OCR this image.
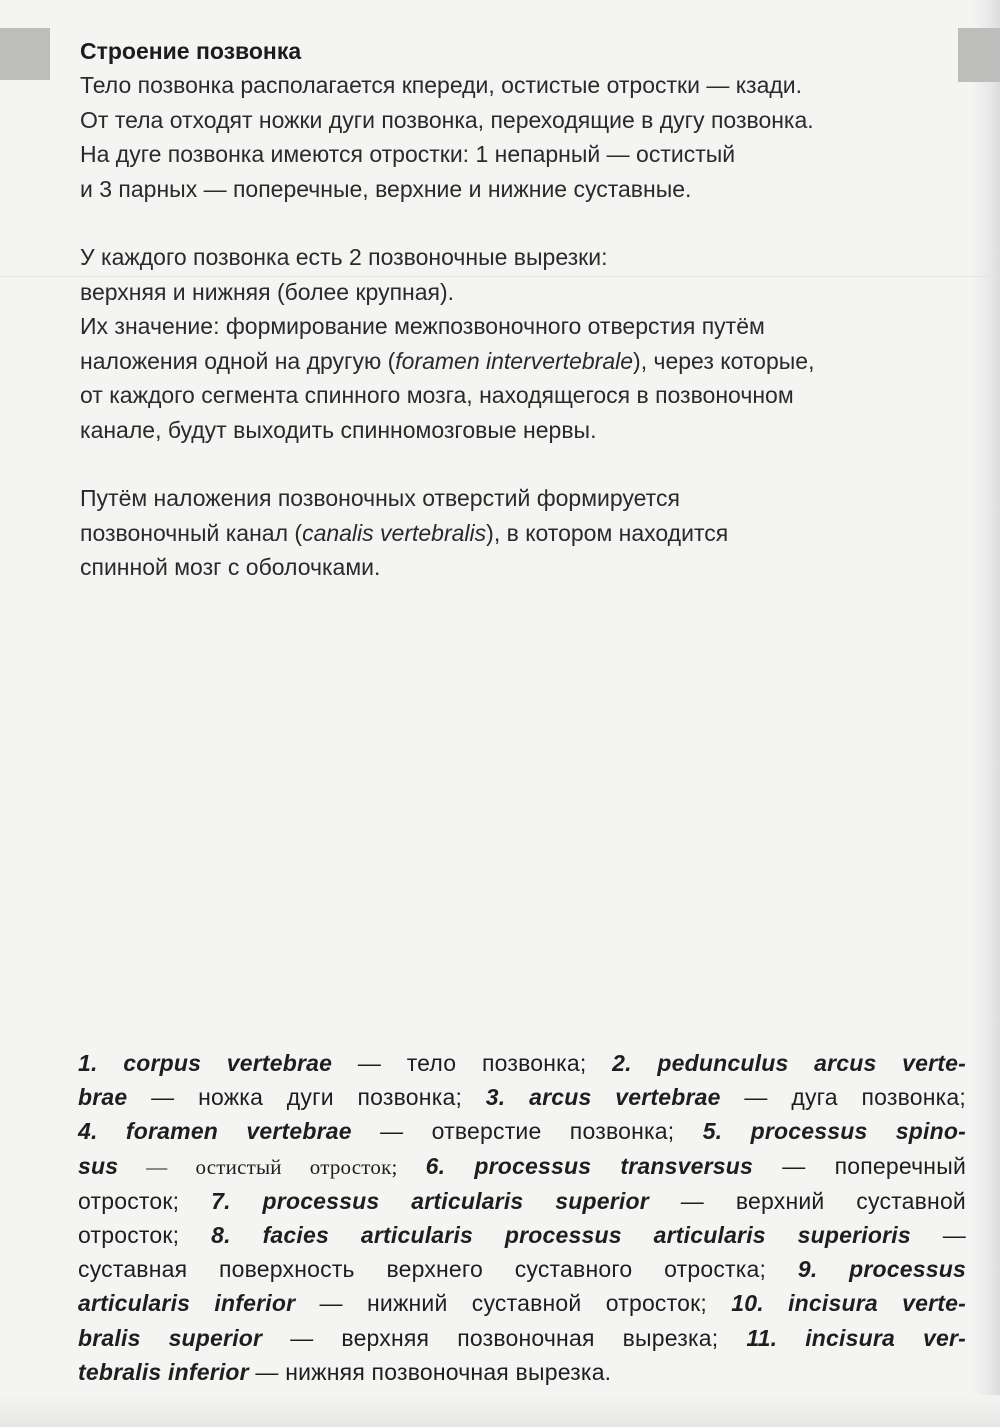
Строение позвонка

Тело позвонка располагается кпереди, остистые отростки — кзади.
От тела отходят ножки дуги позвонка, переходящие в дугу позвонка.
На дуге позвонка имеются отростки: 1 непарный — остистый
и 3 парных — поперечные, верхние и нижние суставные.

У каждого позвонка есть 2 позвоночные вырезки:
верхняя и нижняя (более крупная).
Их значение: формирование межпозвоночного отверстия путём
наложения одной на другую (foramen intervertebrale), через которые,
от каждого сегмента спинного мозга, находящегося в позвоночном
канале, будут выходить спинномозговые нервы.

Путём наложения позвоночных отверстий формируется
позвоночный канал (canalis vertebralis), в котором находится
спинной мозг с оболочками.

1. corpus vertebrae — тело позвонка; 2. pedunculus arcus verte-
brae — ножка дуги позвонка; 3. arcus vertebrae — дуга позвонка;
4. foramen vertebrae — отверстие позвонка; 5. processus spino-
sus — остистый отросток; 6. processus transversus — поперечный
отросток; 7. processus articularis superior — верхний суставной
отросток; 8. facies articularis processus articularis superioris —
суставная поверхность верхнего суставного отростка; 9. processus
articularis inferior — нижний суставной отросток; 10. incisura verte-
bralis superior — верхняя позвоночная вырезка; 11. incisura ver-
tebralis inferior — нижняя позвоночная вырезка.
